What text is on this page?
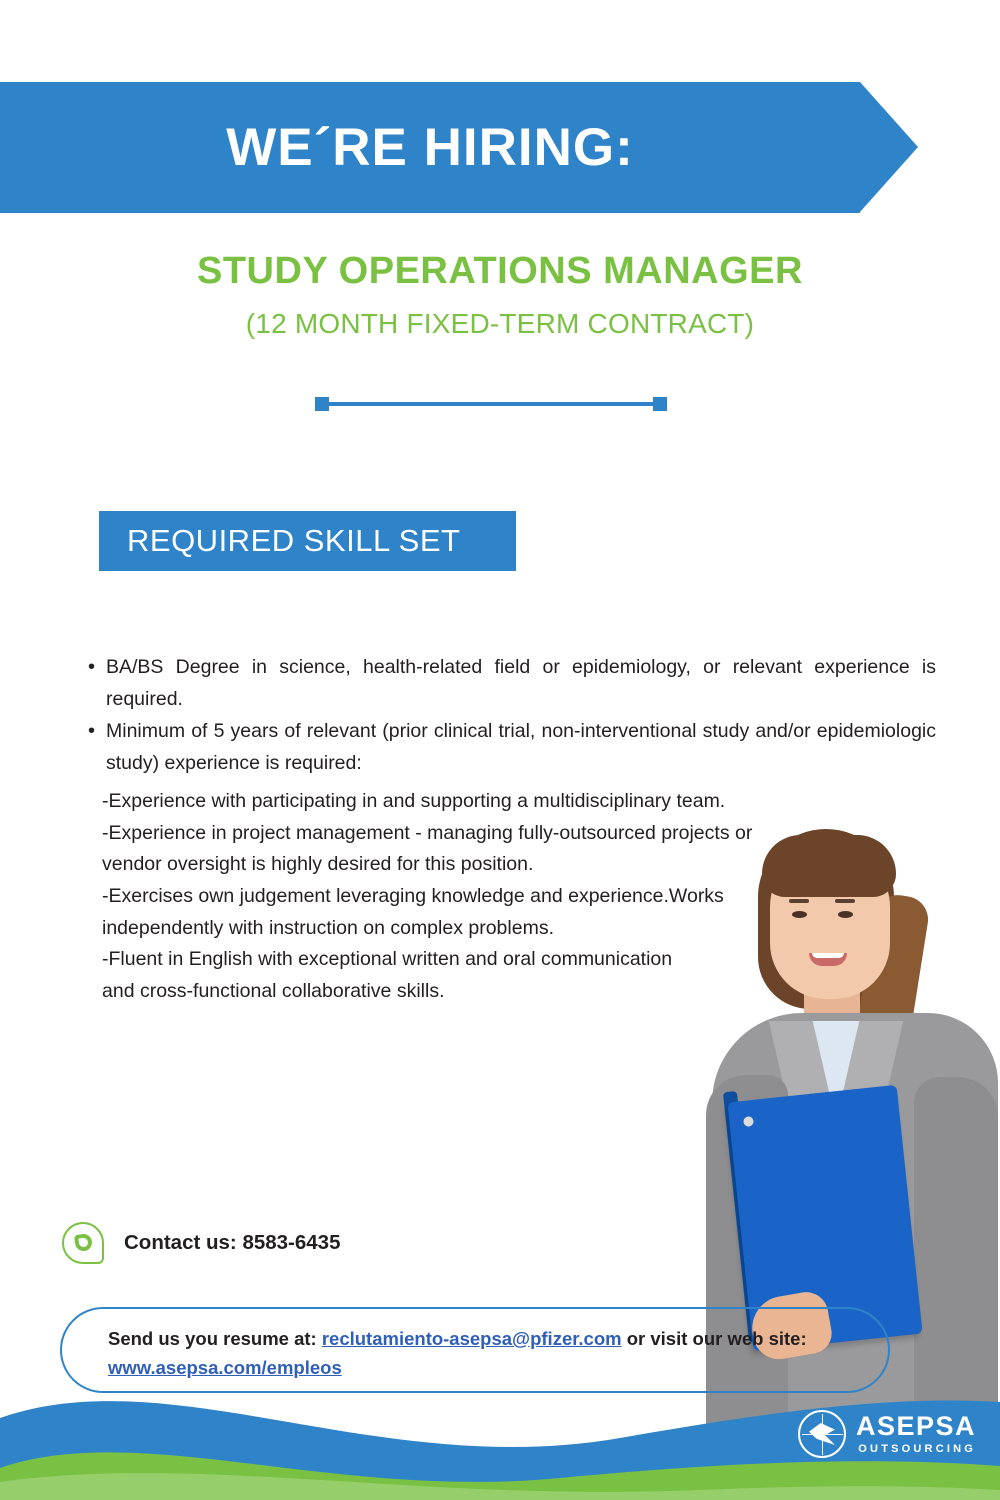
WE´RE HIRING:
STUDY OPERATIONS MANAGER
(12 MONTH FIXED-TERM CONTRACT)
REQUIRED SKILL SET
• BA/BS Degree in science, health-related field or epidemiology, or relevant experience is required.
• Minimum of 5 years of relevant (prior clinical trial, non-interventional study and/or epidemiologic study) experience is required:
-Experience with participating in and supporting a multidisciplinary team.
-Experience in project management - managing fully-outsourced projects or
vendor oversight is highly desired for this position.
-Exercises own judgement leveraging knowledge and experience.Works
independently with instruction on complex problems.
-Fluent in English with exceptional written and oral communication
and cross-functional collaborative skills.
Contact us: 8583-6435
Send us you resume at: reclutamiento-asepsa@pfizer.com or visit our web site:
www.asepsa.com/empleos
ASEPSA
OUTSOURCING
